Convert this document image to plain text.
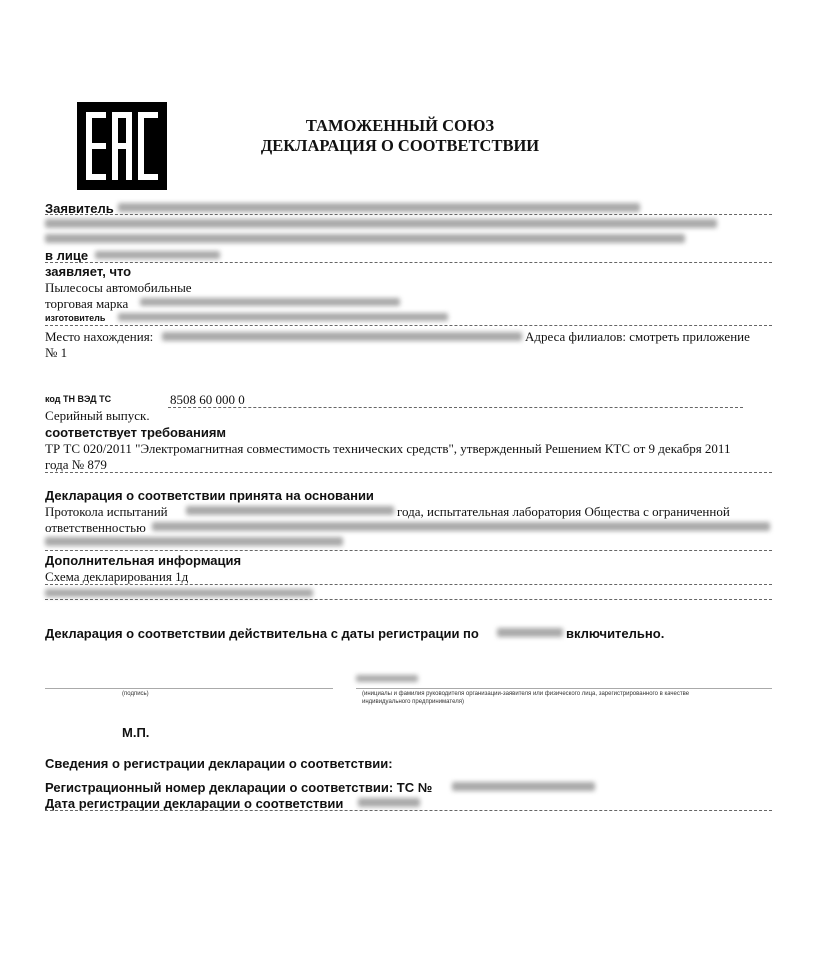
ТАМОЖЕННЫЙ СОЮЗ
ДЕКЛАРАЦИЯ О СООТВЕТСТВИИ
Заявитель
в лице
заявляет, что
Пылесосы автомобильные
торговая марка
изготовитель
Место нахождения:	Адреса филиалов: смотреть приложение
№ 1
код ТН ВЭД ТС	8508 60 000 0
Серийный выпуск.
соответствует требованиям
ТР ТС 020/2011 "Электромагнитная совместимость технических средств", утвержденный Решением КТС от 9 декабря 2011
года № 879
Декларация о соответствии принята на основании
Протокола испытаний	года, испытательная лаборатория Общества с ограниченной
ответственностью
Дополнительная информация
Схема декларирования 1д
Декларация о соответствии действительна с даты регистрации по	включительно.
(подпись)	(инициалы и фамилия руководителя организации-заявителя или физического лица, зарегистрированного в качестве
индивидуального предпринимателя)
М.П.
Сведения о регистрации декларации о соответствии:
Регистрационный номер декларации о соответствии: ТС №
Дата регистрации декларации о соответствии
